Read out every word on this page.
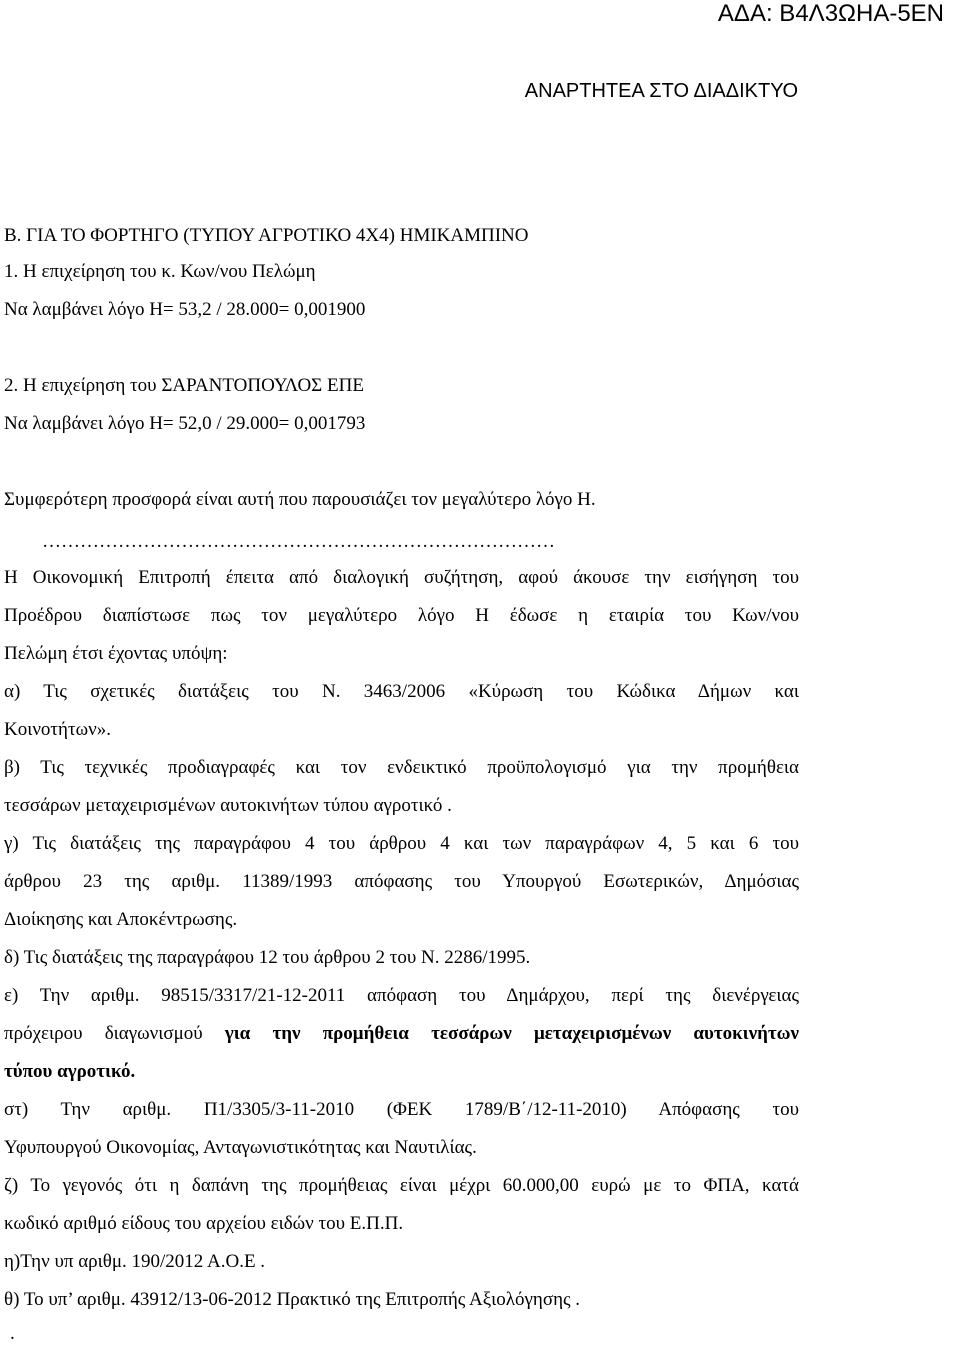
ΑΔΑ: Β4Λ3ΩΗΑ-5ΕΝ
ΑΝΑΡΤΗΤΕΑ ΣΤΟ ΔΙΑΔΙΚΤΥΟ
Β. ΓΙΑ ΤΟ ΦΟΡΤΗΓΟ (ΤΥΠΟΥ ΑΓΡΟΤΙΚΟ 4Χ4) ΗΜΙΚΑΜΠΙΝΟ
1. Η επιχείρηση του κ. Κων/νου Πελώμη
Να λαμβάνει λόγο Η= 53,2 / 28.000= 0,001900
2. Η επιχείρηση του ΣΑΡΑΝΤΟΠΟΥΛΟΣ ΕΠΕ
Να λαμβάνει λόγο Η= 52,0 / 29.000= 0,001793
Συμφερότερη προσφορά είναι αυτή που παρουσιάζει τον μεγαλύτερο λόγο Η.
Η Οικονομική Επιτροπή έπειτα από διαλογική συζήτηση, αφού άκουσε την εισήγηση του
Προέδρου διαπίστωσε πως τον μεγαλύτερο λόγο Η έδωσε η εταιρία του Κων/νου
Πελώμη έτσι έχοντας υπόψη:
α) Τις σχετικές διατάξεις του Ν. 3463/2006 «Κύρωση του Κώδικα Δήμων και
Κοινοτήτων».
β) Τις τεχνικές προδιαγραφές και τον ενδεικτικό προϋπολογισμό για την προμήθεια
τεσσάρων μεταχειρισμένων αυτοκινήτων τύπου αγροτικό .
γ) Τις διατάξεις της παραγράφου 4 του άρθρου 4 και των παραγράφων 4, 5 και 6 του
άρθρου 23 της αριθμ. 11389/1993 απόφασης του Υπουργού Εσωτερικών, Δημόσιας
Διοίκησης και Αποκέντρωσης.
δ) Τις διατάξεις της παραγράφου 12 του άρθρου 2 του Ν. 2286/1995.
ε) Την αριθμ. 98515/3317/21-12-2011 απόφαση του Δημάρχου, περί της διενέργειας
πρόχειρου διαγωνισμού για την προμήθεια τεσσάρων μεταχειρισμένων αυτοκινήτων
τύπου αγροτικό.
στ) Την αριθμ. Π1/3305/3-11-2010 (ΦΕΚ 1789/Β΄/12-11-2010) Απόφασης του
Υφυπουργού Οικονομίας, Ανταγωνιστικότητας και Ναυτιλίας.
ζ) Το γεγονός ότι η δαπάνη της προμήθειας είναι μέχρι 60.000,00 ευρώ με το ΦΠΑ, κατά
κωδικό αριθμό είδους του αρχείου ειδών του Ε.Π.Π.
η)Την υπ αριθμ. 190/2012 Α.Ο.Ε .
θ) Το υπ’ αριθμ. 43912/13-06-2012 Πρακτικό της Επιτροπής Αξιολόγησης .
.
………………………………………………………………………
